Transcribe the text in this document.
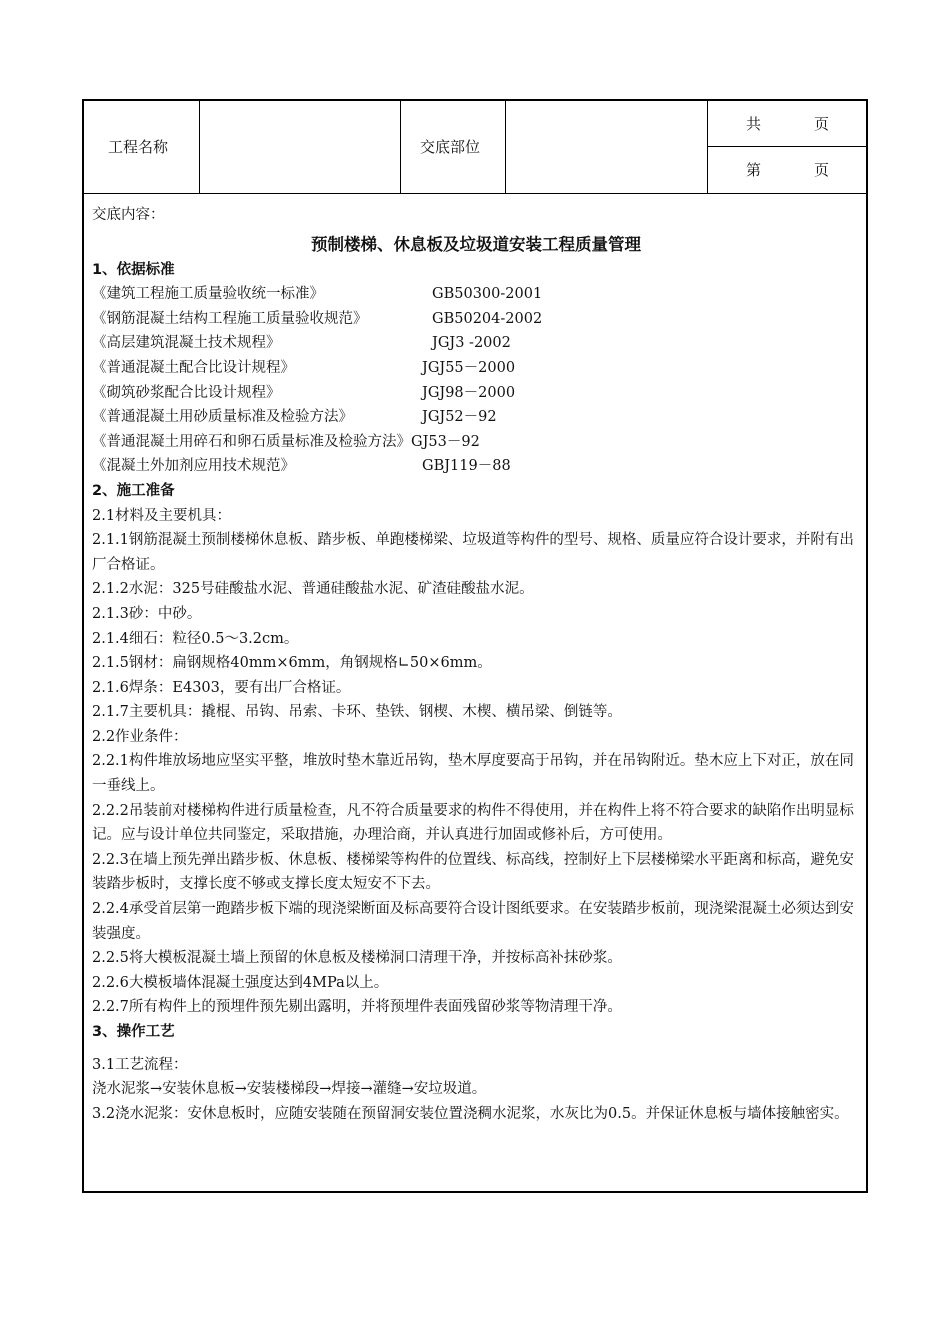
工程名称	交底部位
共	页
第	页
交底内容：
预制楼梯、休息板及垃圾道安装工程质量管理
1、依据标准
《建筑工程施工质量验收统一标准》	GB50300-2001
《钢筋混凝土结构工程施工质量验收规范》	GB50204-2002
《高层建筑混凝土技术规程》	JGJ3 -2002
《普通混凝土配合比设计规程》	JGJ55－2000
《砌筑砂浆配合比设计规程》	JGJ98－2000
《普通混凝土用砂质量标准及检验方法》	JGJ52－92
《普通混凝土用碎石和卵石质量标准及检验方法》 GJ53－92
《混凝土外加剂应用技术规范》	GBJ119－88
2、施工准备
2.1材料及主要机具：
2.1.1钢筋混凝土预制楼梯休息板、踏步板、单跑楼梯梁、垃圾道等构件的型号、规格、质量应符合设计要求，并附有出厂合格证。
2.1.2水泥：325号硅酸盐水泥、普通硅酸盐水泥、矿渣硅酸盐水泥。
2.1.3砂：中砂。
2.1.4细石：粒径0.5～3.2cm。
2.1.5钢材：扁钢规格40mm×6mm，角钢规格∟50×6mm。
2.1.6焊条：E4303，要有出厂合格证。
2.1.7主要机具：撬棍、吊钩、吊索、卡环、垫铁、钢楔、木楔、横吊梁、倒链等。
2.2作业条件：
2.2.1构件堆放场地应坚实平整，堆放时垫木靠近吊钩，垫木厚度要高于吊钩，并在吊钩附近。垫木应上下对正，放在同一垂线上。
2.2.2吊装前对楼梯构件进行质量检查，凡不符合质量要求的构件不得使用，并在构件上将不符合要求的缺陷作出明显标记。应与设计单位共同鉴定，采取措施，办理洽商，并认真进行加固或修补后，方可使用。
2.2.3在墙上预先弹出踏步板、休息板、楼梯梁等构件的位置线、标高线，控制好上下层楼梯梁水平距离和标高，避免安装踏步板时，支撑长度不够或支撑长度太短安不下去。
2.2.4承受首层第一跑踏步板下端的现浇梁断面及标高要符合设计图纸要求。在安装踏步板前，现浇梁混凝土必须达到安装强度。
2.2.5将大模板混凝土墙上预留的休息板及楼梯洞口清理干净，并按标高补抹砂浆。
2.2.6大模板墙体混凝土强度达到4MPa以上。
2.2.7所有构件上的预埋件预先剔出露明，并将预埋件表面残留砂浆等物清理干净。
3、操作工艺
3.1工艺流程：
浇水泥浆→安装休息板→安装楼梯段→焊接→灌缝→安垃圾道。
3.2浇水泥浆：安休息板时，应随安装随在预留洞安装位置浇稠水泥浆，水灰比为0.5。并保证休息板与墙体接触密实。
